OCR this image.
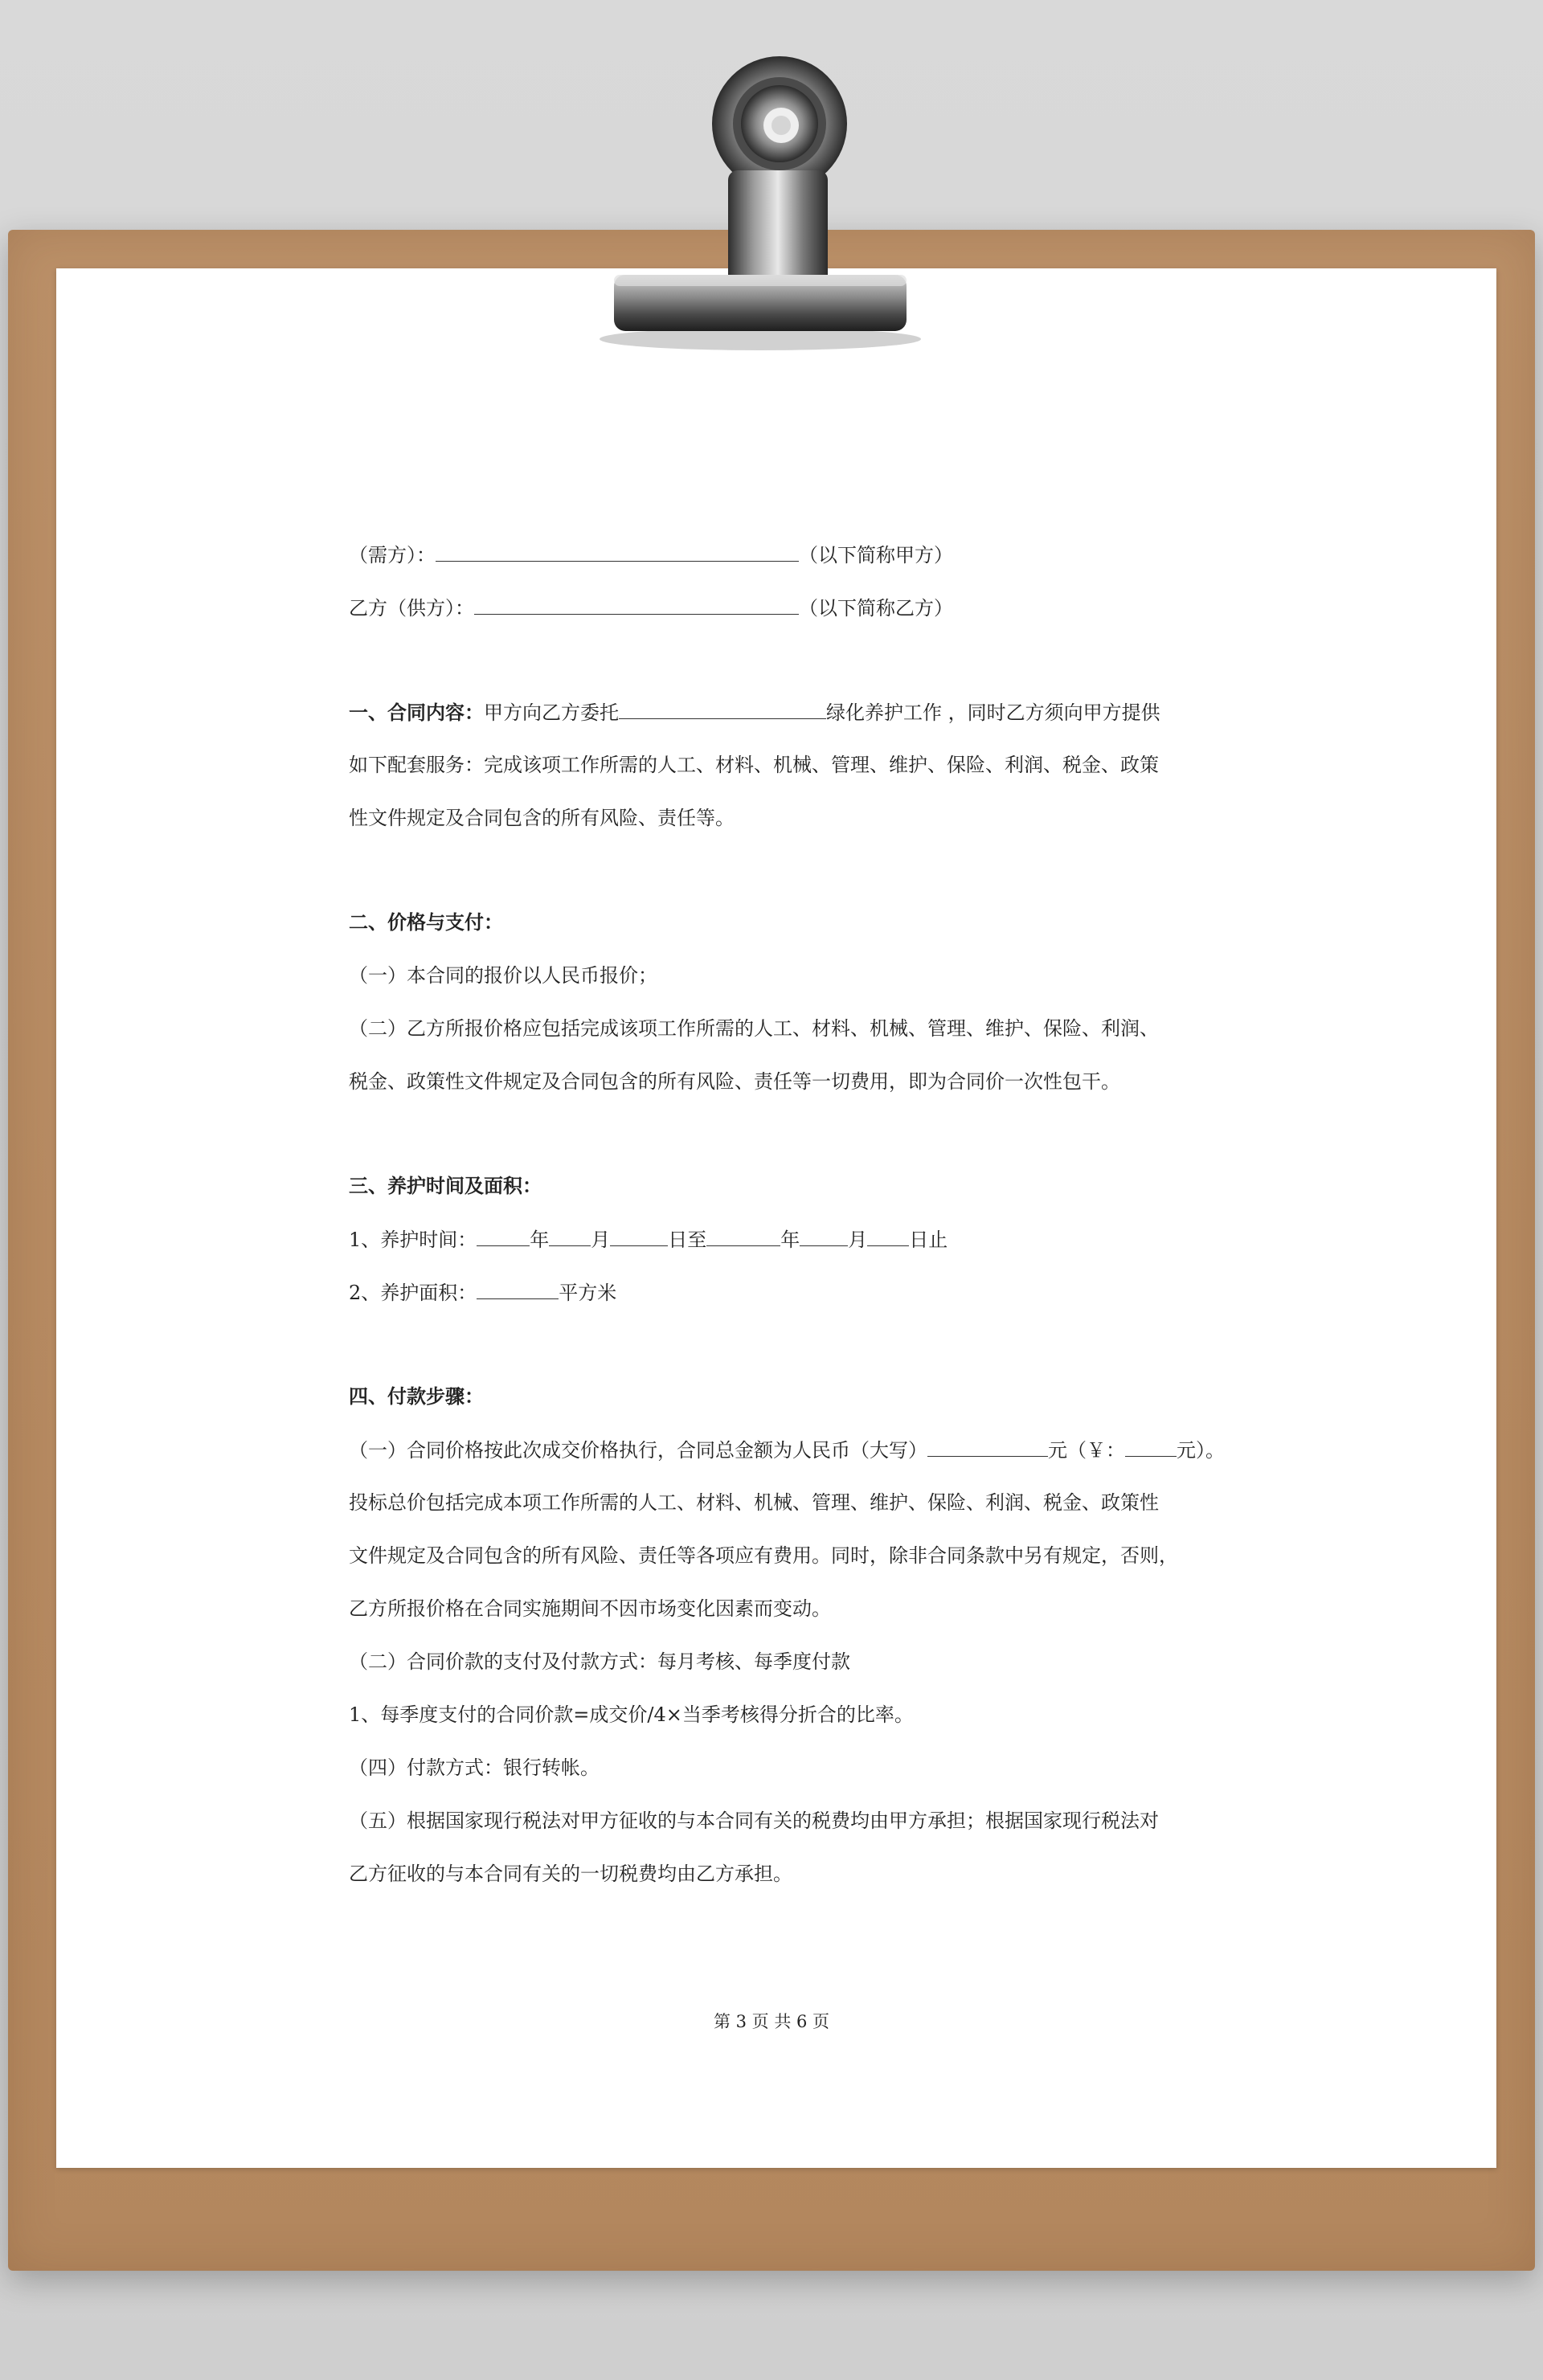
（需方）：	（以下简称甲方）
乙方（供方）：	（以下简称乙方）
一、合同内容：甲方向乙方委托	绿化养护工作 ，同时乙方须向甲方提供
如下配套服务：完成该项工作所需的人工、材料、机械、管理、维护、保险、利润、税金、政策
性文件规定及合同包含的所有风险、责任等。
二、价格与支付：
（一）本合同的报价以人民币报价；
（二）乙方所报价格应包括完成该项工作所需的人工、材料、机械、管理、维护、保险、利润、
税金、政策性文件规定及合同包含的所有风险、责任等一切费用，即为合同价一次性包干。
三、养护时间及面积：
1、养护时间：	年 月	日至	年	月 日止
2、养护面积：	平方米
四、付款步骤：
（一）合同价格按此次成交价格执行，合同总金额为人民币（大写）	元（￥：	元）。
投标总价包括完成本项工作所需的人工、材料、机械、管理、维护、保险、利润、税金、政策性
文件规定及合同包含的所有风险、责任等各项应有费用。同时，除非合同条款中另有规定，否则，
乙方所报价格在合同实施期间不因市场变化因素而变动。
（二）合同价款的支付及付款方式：每月考核、每季度付款
1、每季度支付的合同价款=成交价/4×当季考核得分折合的比率。
（四）付款方式：银行转帐。
（五）根据国家现行税法对甲方征收的与本合同有关的税费均由甲方承担；根据国家现行税法对
乙方征收的与本合同有关的一切税费均由乙方承担。
第 3 页 共 6 页
